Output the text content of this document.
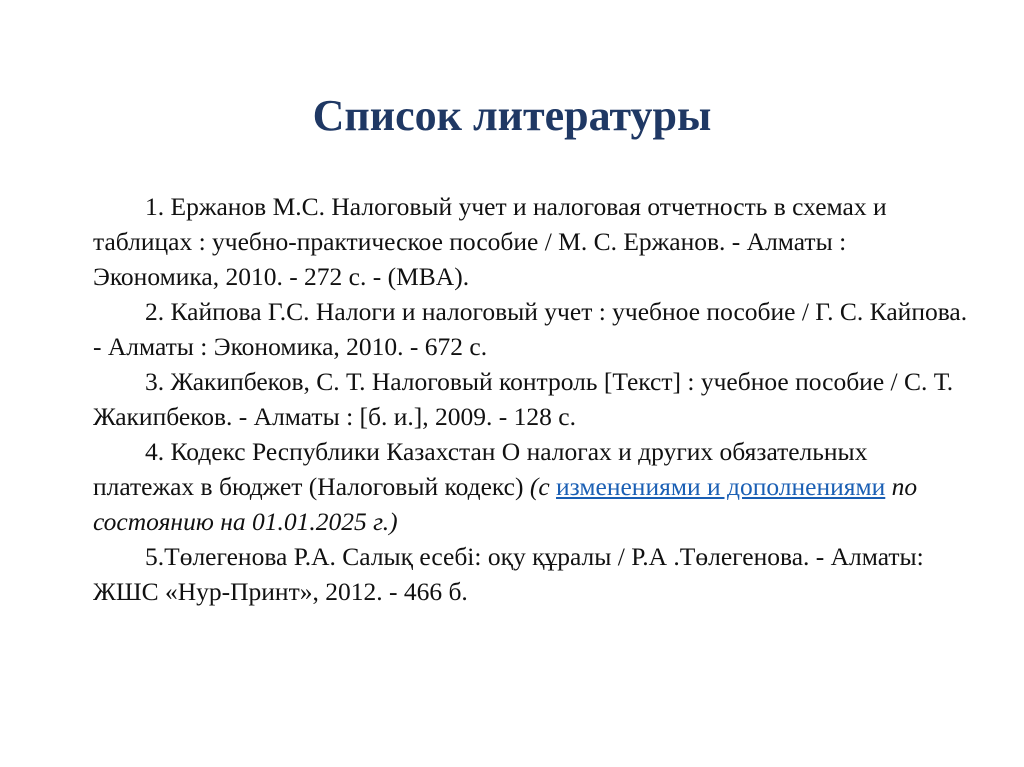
Список литературы

1. Ержанов М.С. Налоговый учет и налоговая отчетность в схемах и таблицах : учебно-практическое пособие / М. С. Ержанов. - Алматы : Экономика, 2010. - 272 с. - (MBA).

2. Кайпова Г.С. Налоги и налоговый учет : учебное пособие / Г. С. Кайпова. - Алматы : Экономика, 2010. - 672 с.

3. Жакипбеков, С. Т. Налоговый контроль [Текст] : учебное пособие / С. Т. Жакипбеков. - Алматы : [б. и.], 2009. - 128 с.

4. Кодекс Республики Казахстан О налогах и других обязательных платежах в бюджет (Налоговый кодекс) (с изменениями и дополнениями по состоянию на 01.01.2025 г.)

5.Төлегенова Р.А. Салық есебі: оқу құралы / Р.А .Төлегенова. - Алматы: ЖШС «Нур-Принт», 2012. - 466 б.
